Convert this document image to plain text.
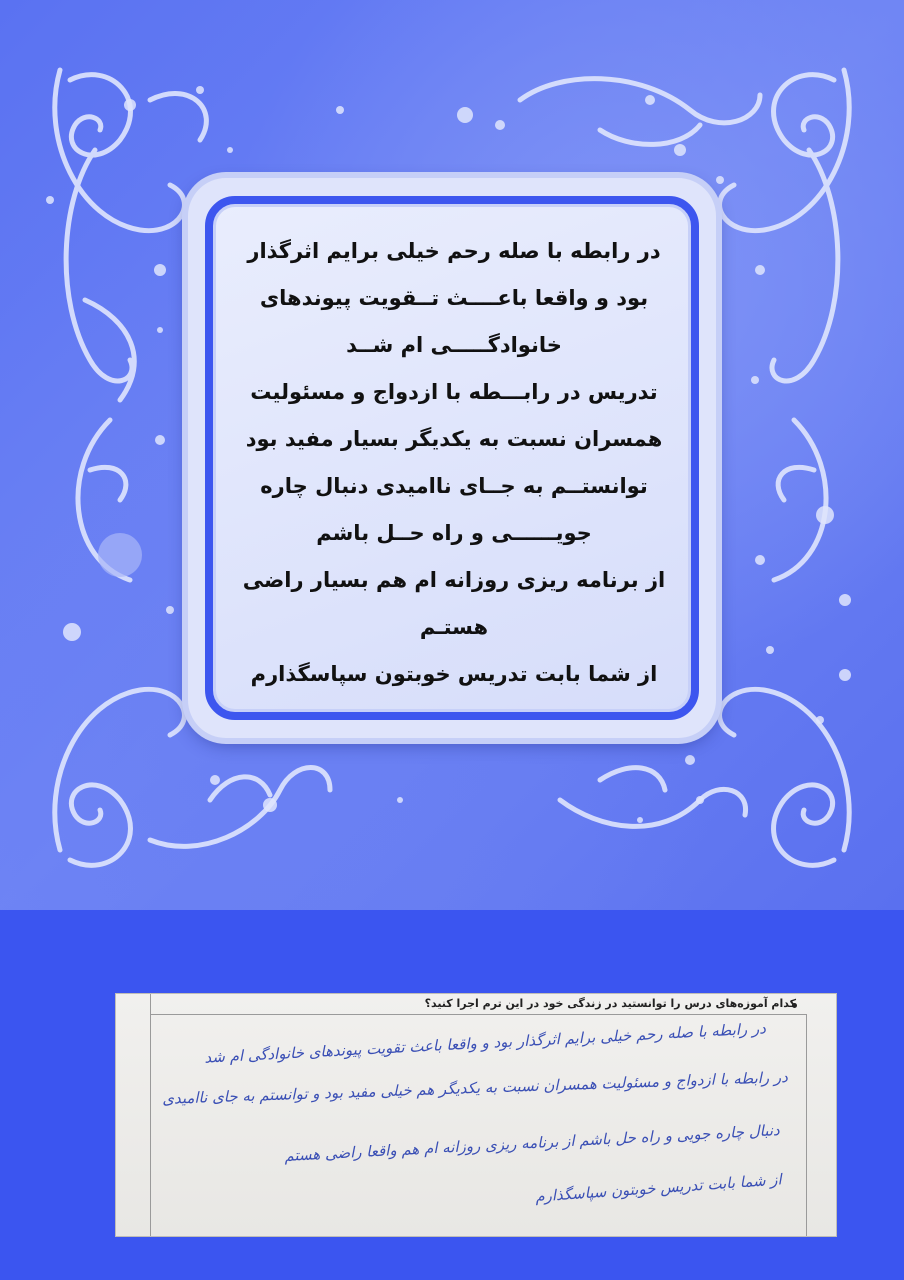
در رابطه با صله رحم خیلی برایم اثرگذار
بود و واقعا باعــــث تــقویت پیوندهای
خانوادگـــــی ام شــد
تدریس در رابـــطه با ازدواج و مسئولیت
همسران نسبت به یکدیگر بسیار مفید بود
توانستــم به جــای ناامیدی دنبال چاره
جویــــــی و راه حــل باشم
از برنامه ریزی روزانه ام هم بسیار راضی
هستـم
از شما بابت تدریس خوبتون سپاسگذارم
کدام آموزه‌های درس را توانستید در زندگی خود در این ترم اجرا کنید؟
در رابطه با صله رحم خیلی برایم اثرگذار بود و واقعا باعث تقویت پیوندهای خانوادگی ام شد
در رابطه با ازدواج و مسئولیت همسران نسبت به یکدیگر هم خیلی مفید بود و توانستم به جای ناامیدی
دنبال چاره جویی و راه حل باشم از برنامه ریزی روزانه ام هم واقعا راضی هستم
از شما بابت تدریس خوبتون سپاسگذارم
